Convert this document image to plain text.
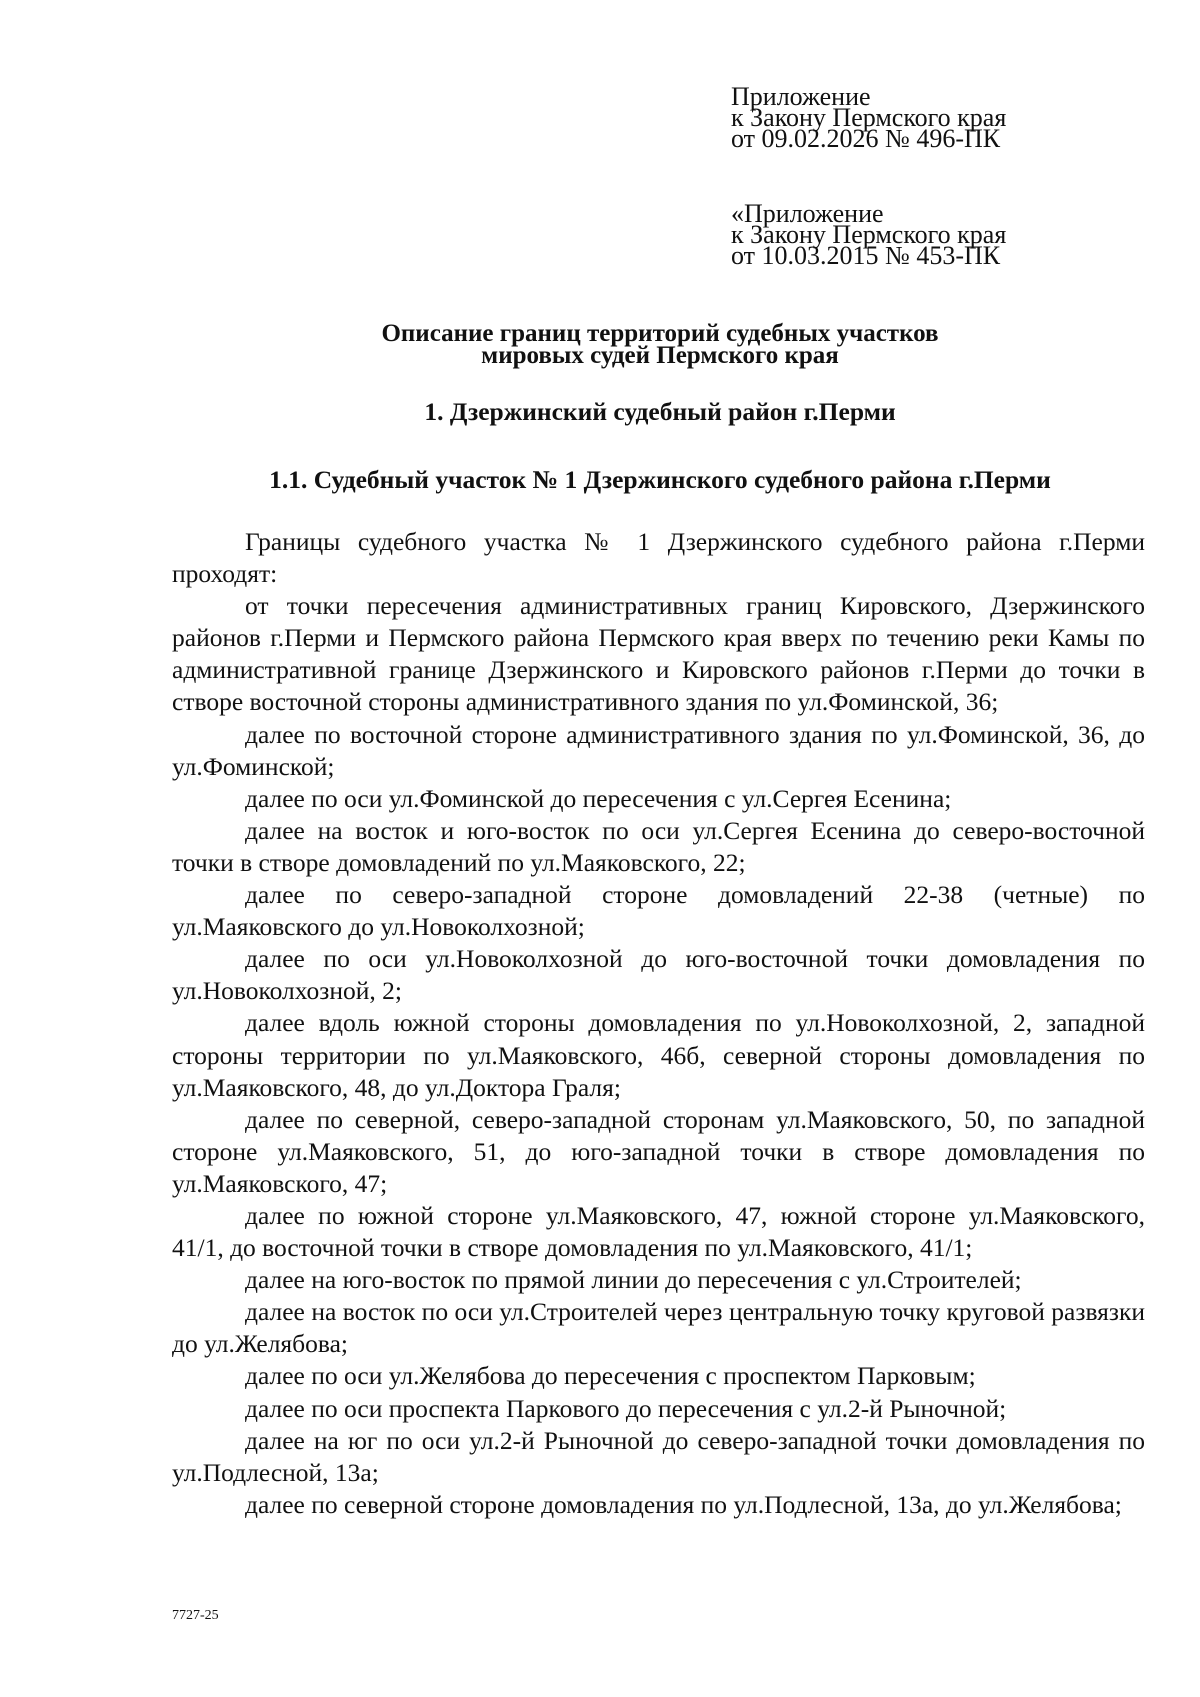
Приложение
к Закону Пермского края
от 09.02.2026 № 496-ПК
«Приложение
к Закону Пермского края
от 10.03.2015 № 453-ПК
Описание границ территорий судебных участков
мировых судей Пермского края
1. Дзержинский судебный район г.Перми
1.1. Судебный участок № 1 Дзержинского судебного района г.Перми

Границы судебного участка № 1 Дзержинского судебного района г.Перми проходят:

от точки пересечения административных границ Кировского, Дзержинского районов г.Перми и Пермского района Пермского края вверх по течению реки Камы по административной границе Дзержинского и Кировского районов г.Перми до точки в створе восточной стороны административного здания по ул.Фоминской, 36;

далее по восточной стороне административного здания по ул.Фоминской, 36, до ул.Фоминской;

далее по оси ул.Фоминской до пересечения с ул.Сергея Есенина;

далее на восток и юго-восток по оси ул.Сергея Есенина до северо-восточной точки в створе домовладений по ул.Маяковского, 22;

далее по северо-западной стороне домовладений 22-38 (четные) по ул.Маяковского до ул.Новоколхозной;

далее по оси ул.Новоколхозной до юго-восточной точки домовладения по ул.Новоколхозной, 2;

далее вдоль южной стороны домовладения по ул.Новоколхозной, 2, западной стороны территории по ул.Маяковского, 46б, северной стороны домовладения по ул.Маяковского, 48, до ул.Доктора Граля;

далее по северной, северо-западной сторонам ул.Маяковского, 50, по западной стороне ул.Маяковского, 51, до юго-западной точки в створе домовладения по ул.Маяковского, 47;

далее по южной стороне ул.Маяковского, 47, южной стороне ул.Маяковского, 41/1, до восточной точки в створе домовладения по ул.Маяковского, 41/1;

далее на юго-восток по прямой линии до пересечения с ул.Строителей;

далее на восток по оси ул.Строителей через центральную точку круговой развязки до ул.Желябова;

далее по оси ул.Желябова до пересечения с проспектом Парковым;

далее по оси проспекта Паркового до пересечения с ул.2-й Рыночной;

далее на юг по оси ул.2-й Рыночной до северо-западной точки домовладения по ул.Подлесной, 13а;

далее по северной стороне домовладения по ул.Подлесной, 13а, до ул.Желябова;

7727-25
